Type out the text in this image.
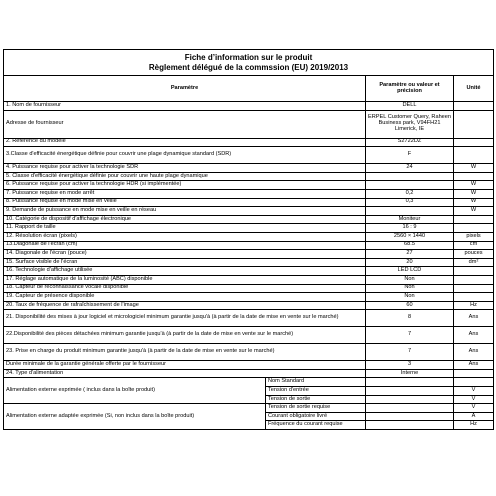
Fiche d’information sur le produit
Règlement délégué de la commssion (EU) 2019/2013			

Paramètre		Paramètre ou valeur et précision	Unité
1. Nom de fournisseur		DELL	
Adresse de fournisseur		ERPEL Customer Query, Raheen Business park, V94FH21 Limerick, IE	
2. Référence du modèle		S2722DZ	
3.Classe d'efficacité énergétique définie pour couvrir une plage dynamique standard (SDR)		F	
4. Puissance requise pour activer la technologie SDR		24	W
5. Classe d'efficacité énergétique définie pour couvrir une haute plage dynamique			
6. Puissance requise pour activer la technologie HDR (si implémentée)			W
7. Puissance requise en mode arrêt		0,2	W
8. Puissance requise en mode mise en veille		0,3	W
9. Demande de puissance en mode mise en veille en réseau			W
10. Catégorie de dispositif d'affichage électronique		Moniteur	
11. Rapport de taille		16 : 9	
12. Résolution écran (pixels)		2560 × 1440	pixels
13.Diagonale de l'écran (cm)		68.5	cm
14. Diagonale de l'écran (pouce)		27	pouces
15. Surface visible de l'écran		20	dm²
16. Technologie d'affichage utilisée		LED LCD	
17. Réglage automatique de la luminosité (ABC) disponible		Non	
18. Capteur de reconnaissance vocale disponible		Non	
19. Capteur de présence disponible		Non	
20. Taux de fréquence de rafraîchissement de l'image		60	Hz
21. Disponibilité des mises à jour logiciel et micrologiciel minimum garantie jusqu'à (à partir de la date de mise en vente sur le marché)		8	Ans
22.Disponibilité des pièces détachées minimum garantie jusqu'à (à partir de la date de mise en vente sur le marché)		7	Ans
23. Prise en charge du produit minimum garantie jusqu'à (à partir de la date de mise en vente sur le marché)		7	Ans
Durée minimale de la garantie générale offerte par le fournisseur		3	Ans
24. Type d'alimentation		Interne	
Alimentation externe exprimée ( inclus dans la boîte produit)	Nom Standard		
	Tension d'entrée		V
	Tension de sortie		V
Alimentation externe adaptée exprimée (Si, non inclus dans la boîte produit)	Tension de sortie requise		V
	Courant obligatoire livré		A
	Fréquence du courant requise		Hz
